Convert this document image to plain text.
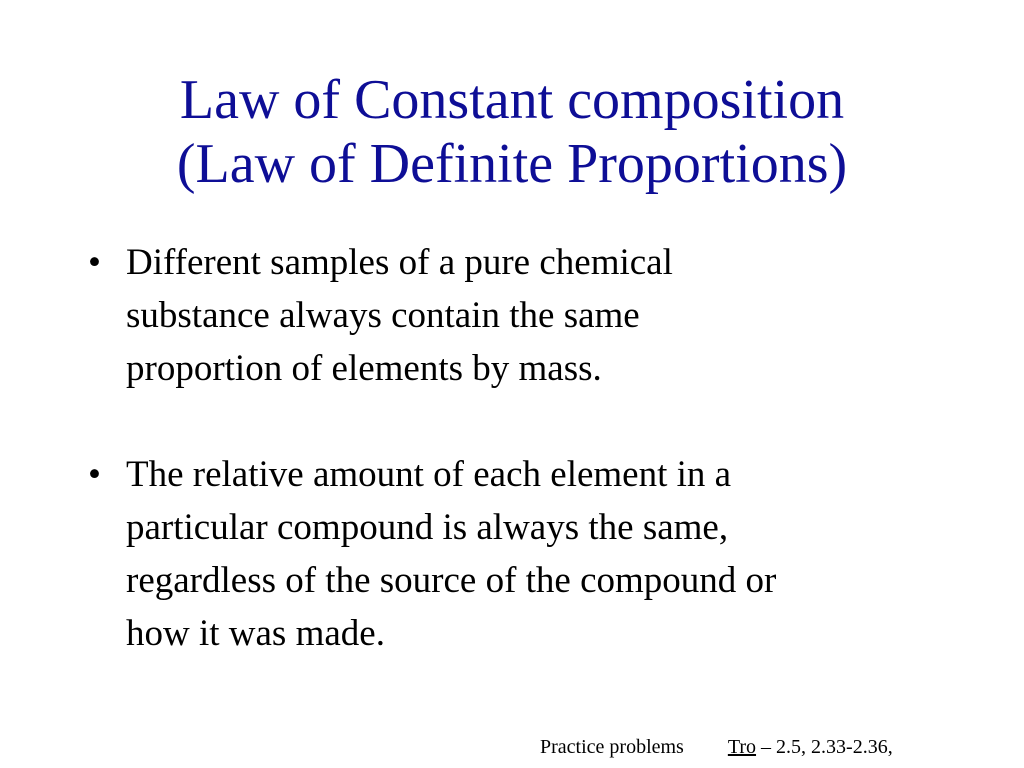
Law of Constant composition
(Law of Definite Proportions)
• Different samples of a pure chemical
substance always contain the same
proportion of elements by mass.
• The relative amount of each element in a
particular compound is always the same,
regardless of the source of the compound or
how it was made.
Practice problems Tro – 2.5, 2.33-2.36,
